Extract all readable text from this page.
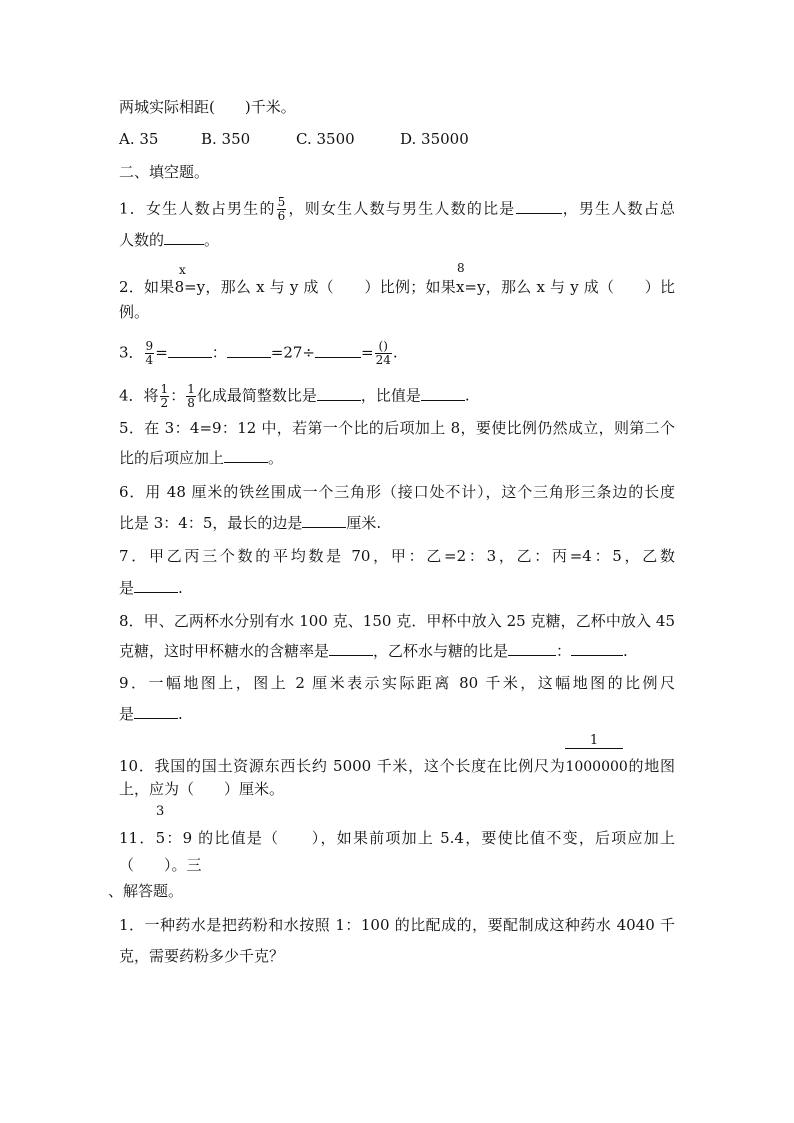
两城实际相距(　　)千米。
A. 35	B. 350	C. 3500	D. 35000
二、填空题。
1．女生人数占男生的 $\frac{5}{6}$ ，则女生人数与男生人数的比是	，男生人数占总
人数的	。
x	8
2．如果8=y，那么 x 与 y 成（　　）比例；如果x=y，那么 x 与 y 成（　　）比
例。
3． $\frac{9}{4}$ =	：	=27÷	= ()
24 .
4．将 $\frac{1}{2}$ ： $\frac{1}{8}$ 化成最简整数比是	，比值是	.
5．在 3：4=9：12 中，若第一个比的后项加上 8，要使比例仍然成立，则第二个
比的后项应加上	。
6．用 48 厘米的铁丝围成一个三角形（接口处不计），这个三角形三条边的长度
比是 3：4：5，最长的边是	厘米.
7．甲乙丙三个数的平均数是 70，甲：乙=2：3，乙：丙=4：5，乙数
是	.
8．甲、乙两杯水分别有水 100 克、150 克．甲杯中放入 25 克糖，乙杯中放入 45
克糖，这时甲杯糖水的含糖率是	，乙杯水与糖的比是	：	.
9．一幅地图上，图上 2 厘米表示实际距离 80 千米，这幅地图的比例尺
是	.
1
10．我国的国土资源东西长约 5000 千米，这个长度在比例尺为1000000的地图
上，应为（　　）厘米。
3
11．5：9 的比值是（　　），如果前项加上 5.4，要使比值不变，后项应加上
（　　）。三
、解答题。
1．一种药水是把药粉和水按照 1：100 的比配成的，要配制成这种药水 4040 千
克，需要药粉多少千克？
